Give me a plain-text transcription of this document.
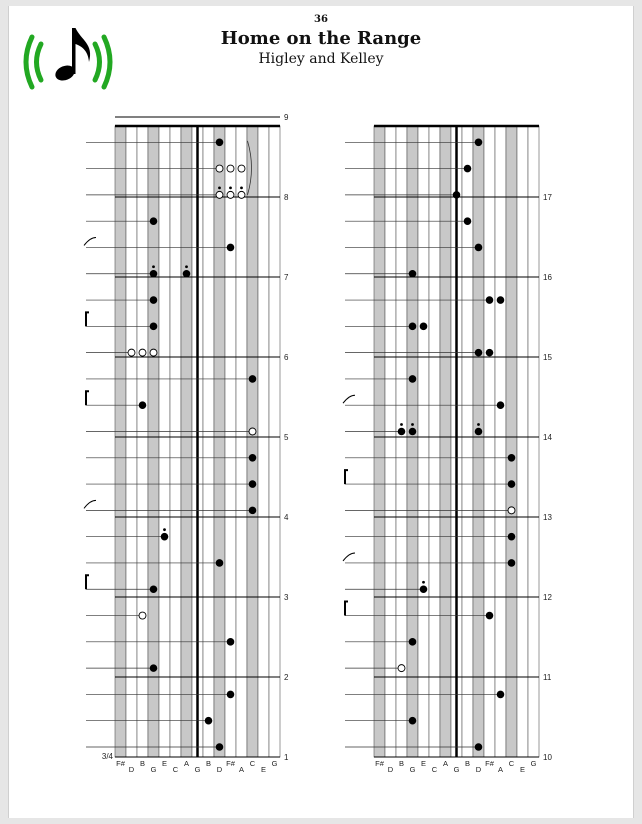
36
Home on the Range
Higley and Kelley
1
2
3
4
5
6
7
8
9
F#
D
B
G
E
C
A
G
B
D
F#
A
C
E
G
3/4	10
11
12
13
14
15
16
17
F#
D
B
G
E
C
A
G
B
D
F#
A
C
E
G
